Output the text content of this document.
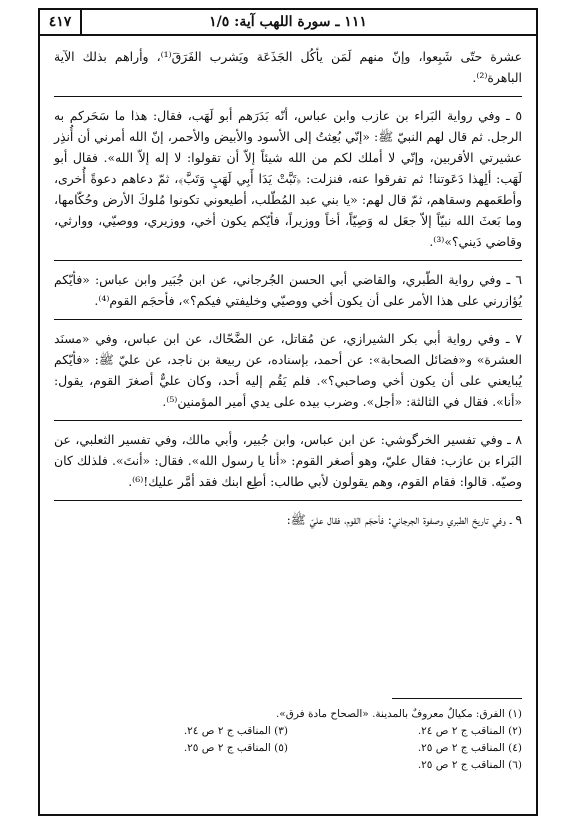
١١١ ـ سورة اللهب آية: ١/٥
٤١٧

عشرة حتّى شَبِعوا، وإنّ منهم لَمَن يأكُل الجَذَعَة ويَشرب الفَرَقَ⁽¹⁾، وأراهم بذلك الآية الباهرة⁽²⁾.

٥ ـ وفي رواية البَراء بن عازب وابن عباس، أنّه بَدَرَهم أبو لَهَب، فقال: هذا ما سَحَركم به الرجل. ثم قال لهم النبيّ ﷺ: «إنّي بُعِثتُ إلى الأسود والأبيض والأحمر، إنّ الله أمرني أن أُنذِر عشيرتي الأقربين، وإنّي لا أملك لكم من الله شيئاً إلاّ أن تقولوا: لا إله إلاّ الله». فقال أبو لَهَب: ألِهذا دَعَوتنا! ثم تفرقوا عنه، فنزلت: ﴿تَبَّتْ يَدَا أَبِي لَهَبٍ وَتَبَّ﴾، ثمّ دعاهم دعوةً أُخرى، وأطعَمهم وسقاهم، ثمّ قال لهم: «يا بني عبد المُطّلب، أطيعوني تكونوا مُلوكَ الأرض وحُكّامها، وما بَعثَ الله نبيّاً إلاّ جعَل له وَصِيّاً، أخاً ووزيراً، فأيّكم يكون أخي، ووزيري، ووصيّي، ووارثي، وقاضي دَيني؟»⁽³⁾.

٦ ـ وفي رواية الطّبري، والقاضي أبي الحسن الجُرجاني، عن ابن جُبَير وابن عباس: «فأيّكم يُؤازرني على هذا الأمر على أن يكون أخي ووصيّي وخليفتي فيكم؟»، فأحجَم القوم⁽⁴⁾.

٧ ـ وفي رواية أبي بكر الشيرازي، عن مُقاتل، عن الضَّحّاك، عن ابن عباس، وفي «مسنَد العشرة» و«فضائل الصحابة»: عن أحمد، بإسناده، عن ربيعة بن ناجد، عن عليّ ﷺ: «فأيّكم يُبايعني على أن يكون أخي وصاحبي؟». فلم يَقُم إليه أحد، وكان عليٌّ أصغرَ القوم، يقول: «أنا». فقال في الثالثة: «أجل». وضرب بيده على يدي أمير المؤمنين⁽⁵⁾.

٨ ـ وفي تفسير الخرگوشي: عن ابن عباس، وابن جُبير، وأبي مالك، وفي تفسير الثعلبي، عن البَراء بن عازب: فقال عليّ، وهو أصغر القوم: «أنا يا رسول الله». فقال: «أنتَ». فلذلك كان وصيّه. قالوا: فقام القوم، وهم يقولون لأبي طالب: أطِع ابنك فقد أمَّر عليك!⁽⁶⁾.

٩ ـ وفي تاريخ الطبري وصفوة الجرجاني: فأحجَم القوم، فقال عليّ ﷺ:

(١) الفرق: مكيالٌ معروفٌ بالمدينة. «الصحاح مادة فرق».
(٢) المناقب ج ٢ ص ٢٤.
(٣) المناقب ج ٢ ص ٢٤.
(٤) المناقب ج ٢ ص ٢٥.
(٥) المناقب ج ٢ ص ٢٥.
(٦) المناقب ج ٢ ص ٢٥.
